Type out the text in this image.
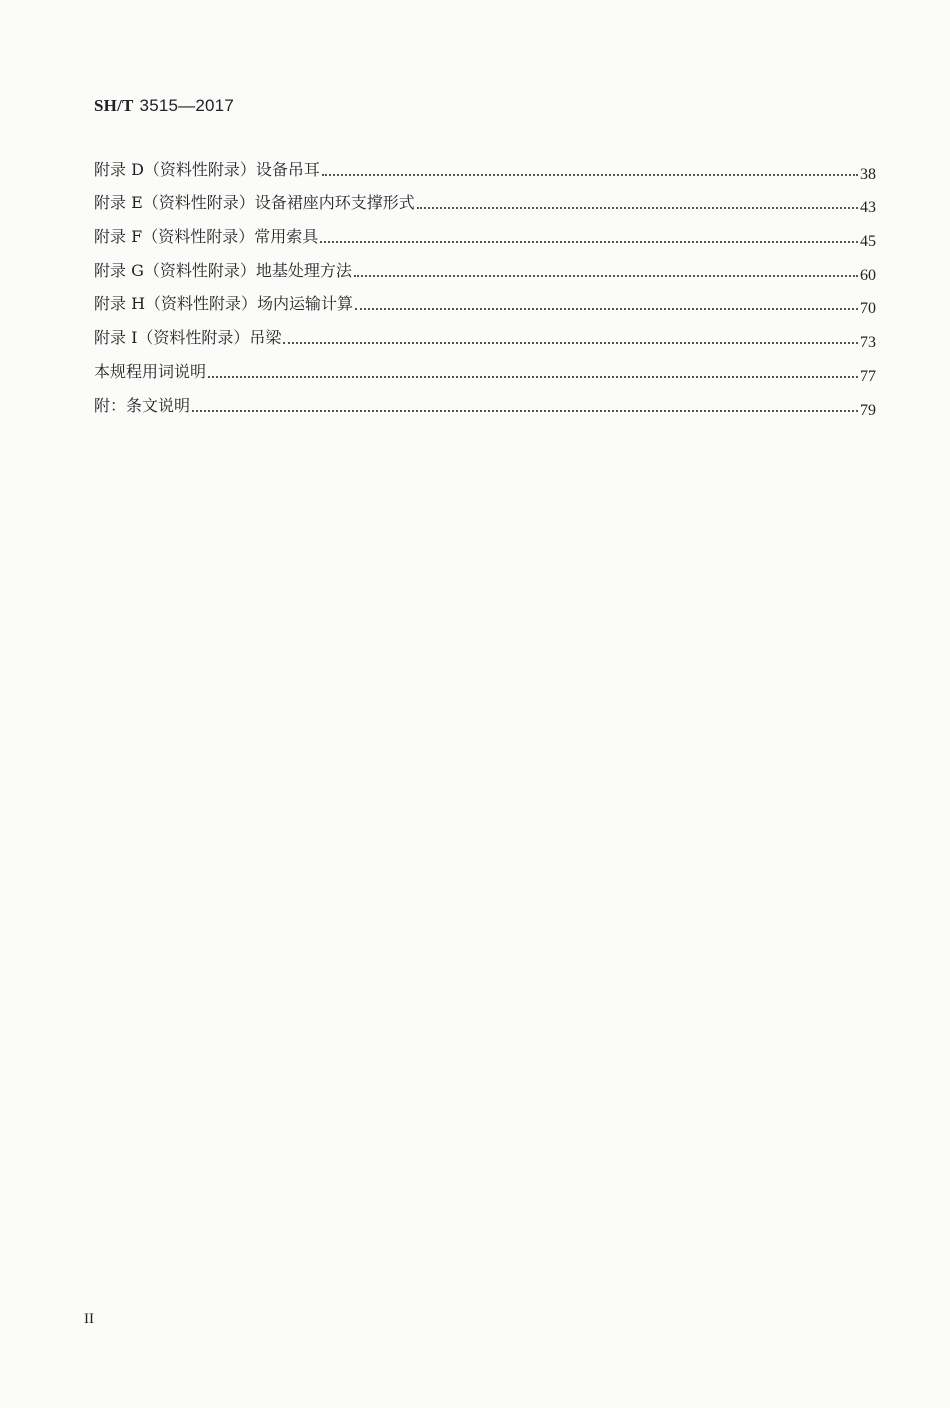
SH/T 3515—2017
附录 D（资料性附录）设备吊耳	38
附录 E（资料性附录）设备裙座内环支撑形式	43
附录 F（资料性附录）常用索具	45
附录 G（资料性附录）地基处理方法	60
附录 H（资料性附录）场内运输计算	70
附录 I（资料性附录）吊梁	73
本规程用词说明	77
附：条文说明	79
II
